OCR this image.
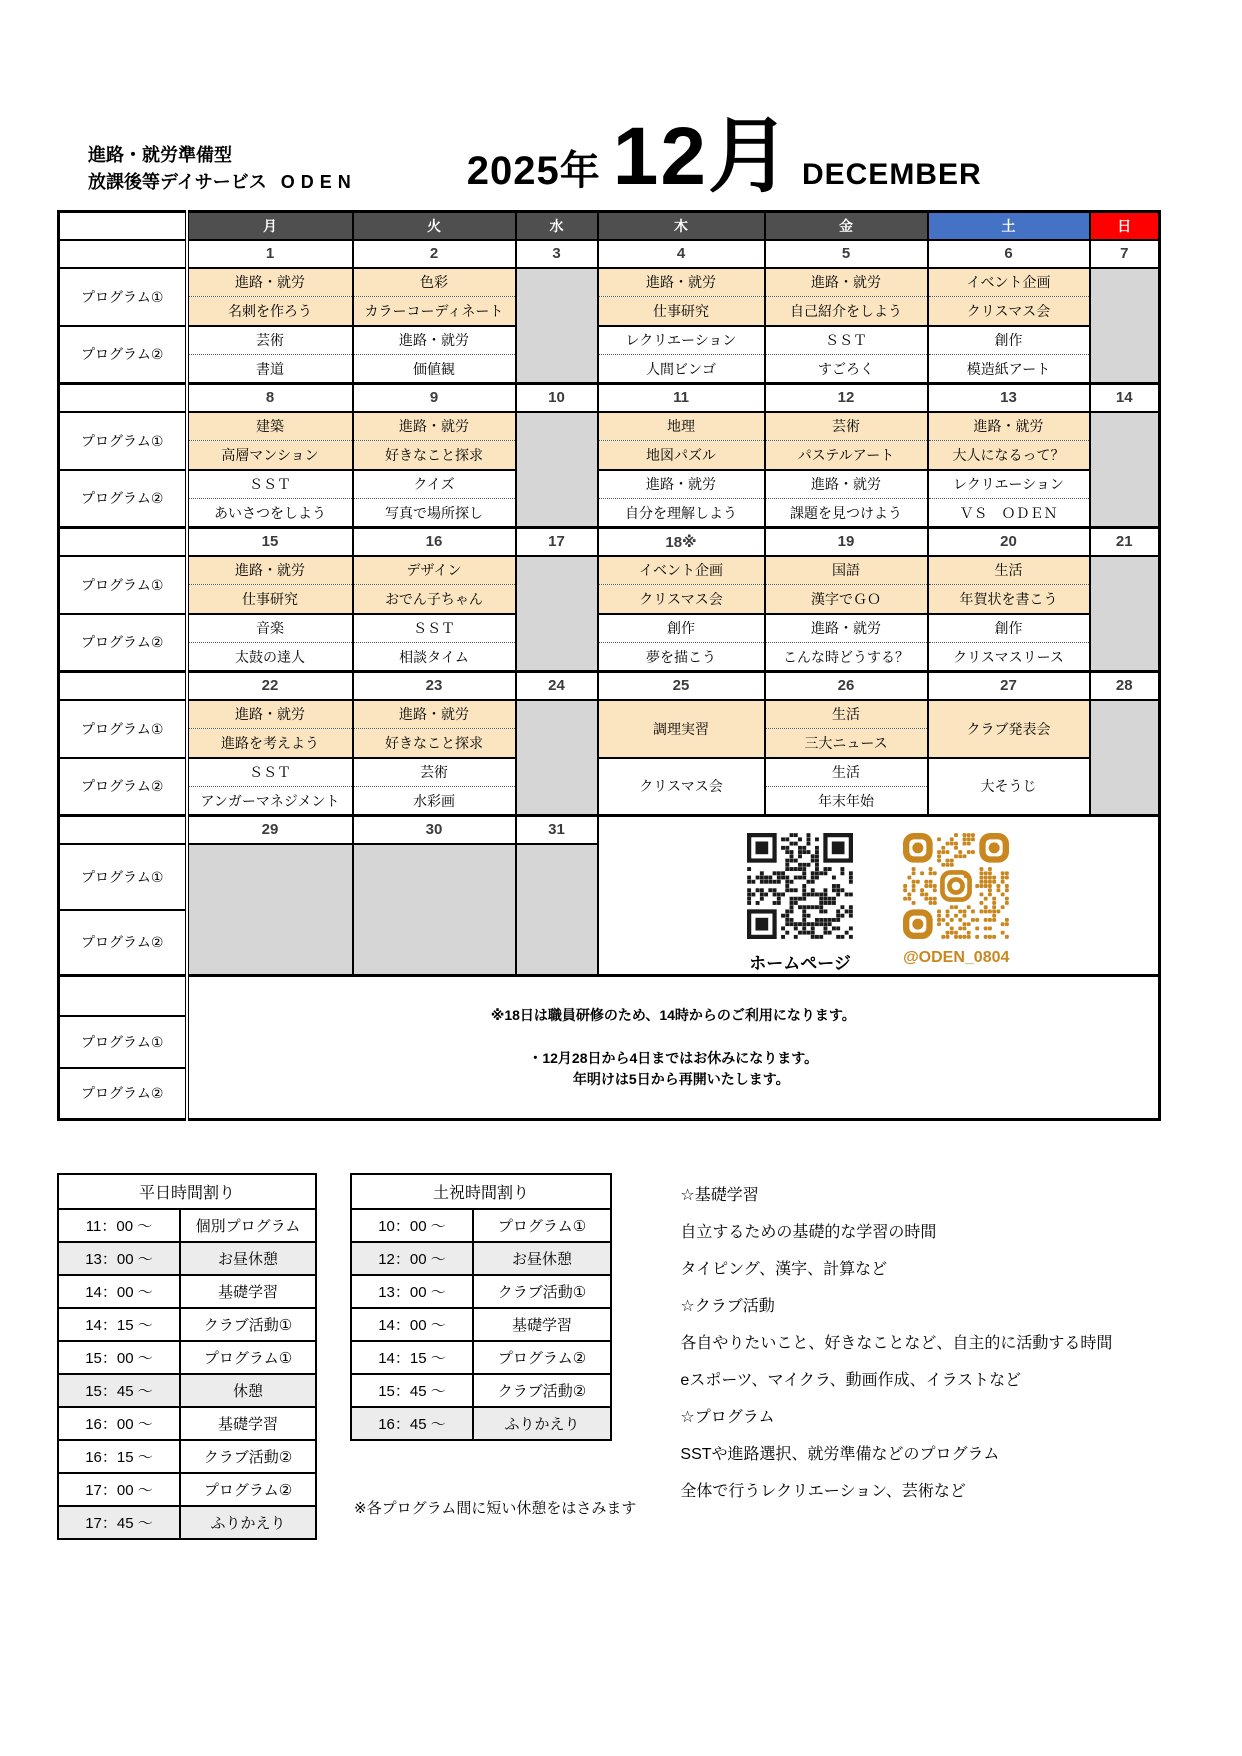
進路・就労準備型
放課後等デイサービス ODEN	2025年 12月 DECEMBER
	月	火	水	木	金	土	日
	1	2	3	4	5	6	7
プログラム①	進路・就労	色彩		進路・就労	進路・就労	イベント企画	
	名刺を作ろう	カラーコーディネート		仕事研究	自己紹介をしよう	クリスマス会	
プログラム②	芸術	進路・就労		レクリエーション	ＳＳＴ	創作	
	書道	価値観		人間ビンゴ	すごろく	模造紙アート	
	8	9	10	11	12	13	14
プログラム①	建築	進路・就労		地理	芸術	進路・就労	
	高層マンション	好きなこと探求		地図パズル	パステルアート	大人になるって？	
プログラム②	ＳＳＴ	クイズ		進路・就労	進路・就労	レクリエーション	
	あいさつをしよう	写真で場所探し		自分を理解しよう	課題を見つけよう	ＶＳ　ＯＤＥＮ	
	15	16	17	18※	19	20	21
プログラム①	進路・就労	デザイン		イベント企画	国語	生活	
	仕事研究	おでん子ちゃん		クリスマス会	漢字でＧＯ	年賀状を書こう	
プログラム②	音楽	ＳＳＴ		創作	進路・就労	創作	
	太鼓の達人	相談タイム		夢を描こう	こんな時どうする？	クリスマスリース	
	22	23	24	25	26	27	28
プログラム①	進路・就労	進路・就労		調理実習	生活	クラブ発表会	
	進路を考えよう	好きなこと探求			三大ニュース		
プログラム②	ＳＳＴ	芸術		クリスマス会	生活	大そうじ	
	アンガーマネジメント	水彩画			年末年始		
	29	30	31	ホームページ @ODEN_0804			

プログラム①							

プログラム②							

	※18日は職員研修のため、14時からのご利用になります。
・12月28日から4日まではお休みになります。
年明けは5日から再開いたします。						

プログラム①							
プログラム②							
平日時間割り	
11：00 ～	個別プログラム
13：00 ～	お昼休憩
14：00 ～	基礎学習
14：15 ～	クラブ活動①
15：00 ～	プログラム①
15：45 ～	休憩
16：00 ～	基礎学習
16：15 ～	クラブ活動②
17：00 ～	プログラム②
17：45 ～	ふりかえり
土祝時間割り	
10：00 ～	プログラム①
12：00 ～	お昼休憩
13：00 ～	クラブ活動①
14：00 ～	基礎学習
14：15 ～	プログラム②
15：45 ～	クラブ活動②
16：45 ～	ふりかえり
※各プログラム間に短い休憩をはさみます
☆基礎学習
自立するための基礎的な学習の時間
タイピング、漢字、計算など
☆クラブ活動
各自やりたいこと、好きなことなど、自主的に活動する時間
eスポーツ、マイクラ、動画作成、イラストなど
☆プログラム
SSTや進路選択、就労準備などのプログラム
全体で行うレクリエーション、芸術など
